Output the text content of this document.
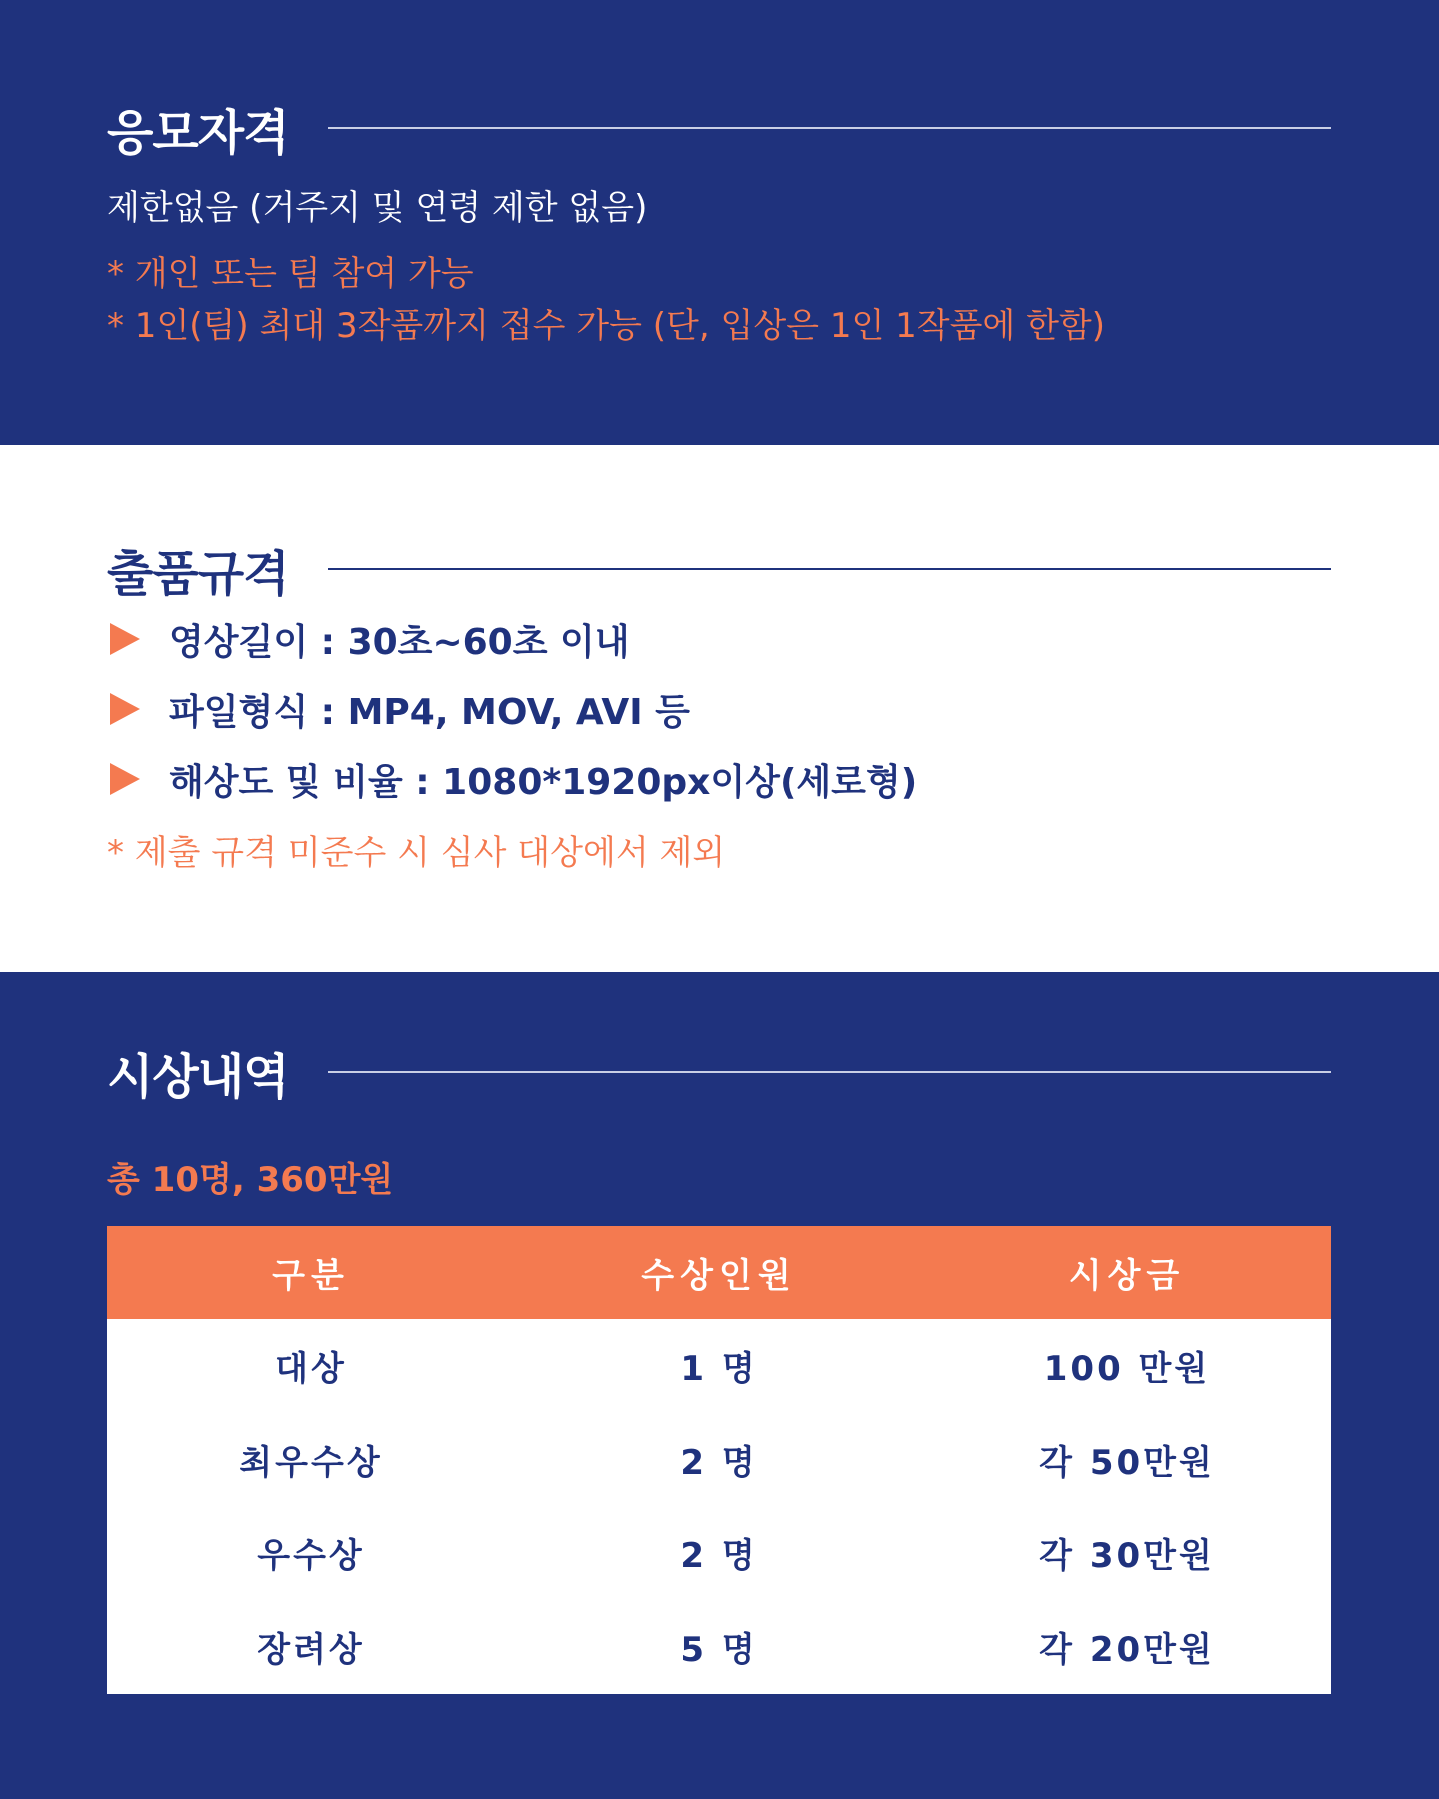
응모자격
제한없음 (거주지 및 연령 제한 없음)
* 개인 또는 팀 참여 가능
* 1인(팀) 최대 3작품까지 접수 가능 (단, 입상은 1인 1작품에 한함)
출품규격
영상길이 : 30초~60초 이내
파일형식 : MP4, MOV, AVI 등
해상도 및 비율 : 1080*1920px이상(세로형)
* 제출 규격 미준수 시 심사 대상에서 제외
시상내역
총 10명, 360만원
구분	수상인원	시상금
대상	1 명	100 만원
최우수상	2 명	각 50만원
우수상	2 명	각 30만원
장려상	5 명	각 20만원
